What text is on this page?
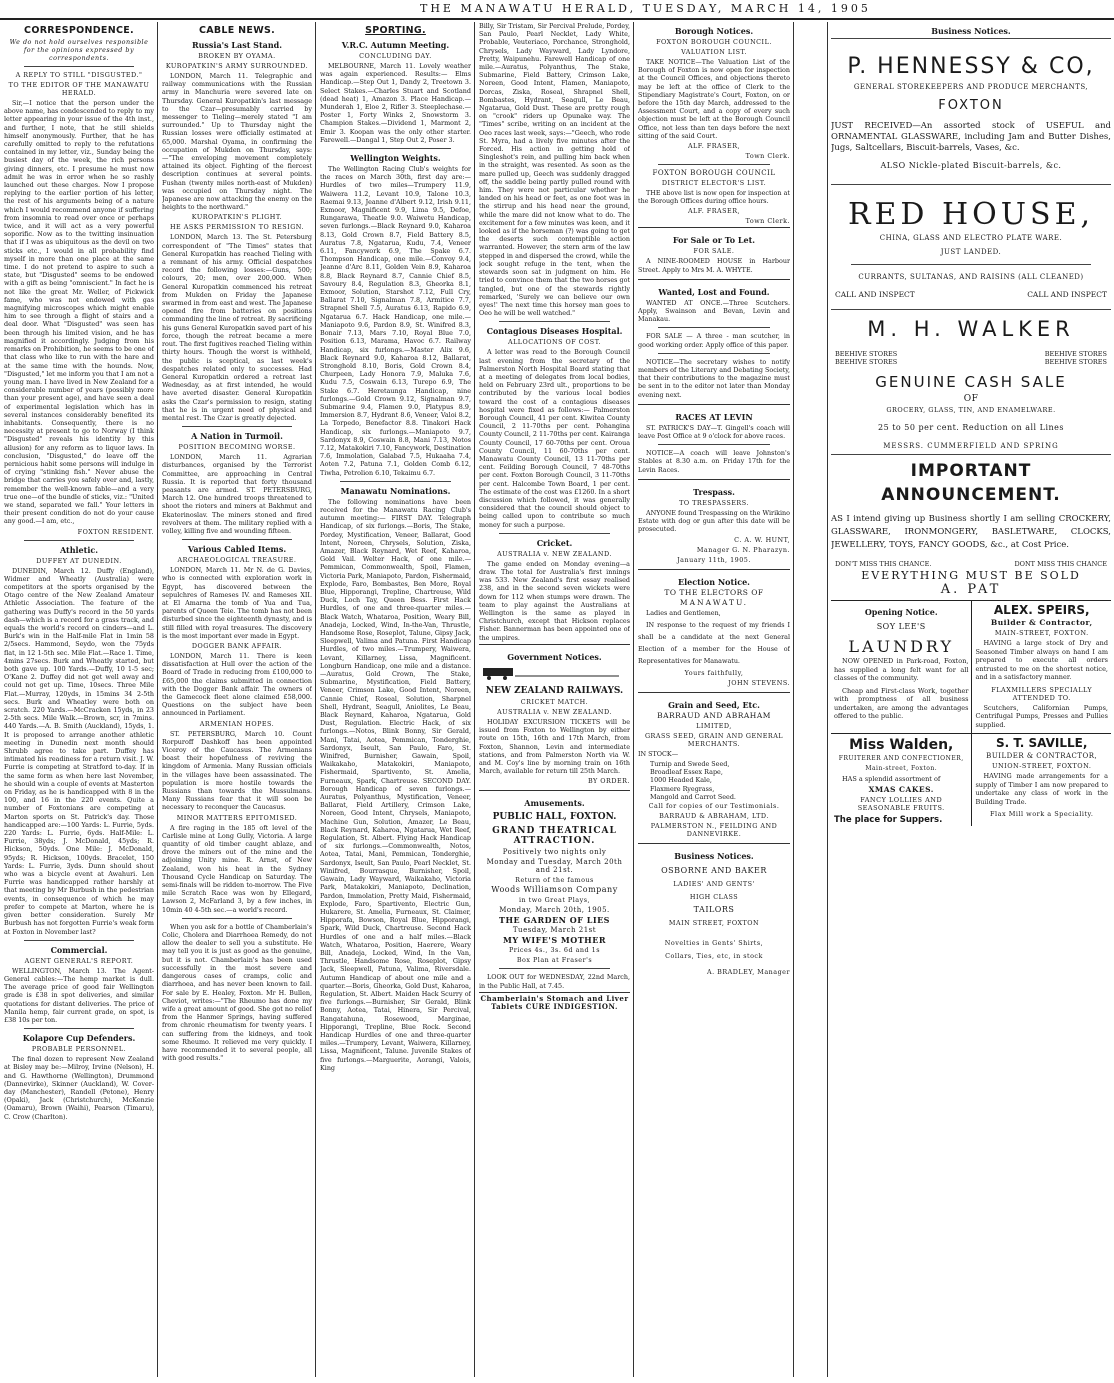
THE MANAWATU HERALD, TUESDAY, MARCH 14, 1905
CORRESPONDENCE.
We do not hold ourselves responsible for the opinions expressed by correspondents.
A REPLY TO STILL "DISGUSTED."
TO THE EDITOR OF THE MANAWATU HERALD.

Sir,—I notice that the person under the above name, has condescended to reply to my letter appearing in your issue of the 4th inst., and further, I note, that he still shields himself anonymously. Further, that he has carefully omitted to reply to the refutations contained in my letter, viz., Sunday being the busiest day of the week, the rich persons giving dinners, etc. I presume he must now admit he was in error when he so rashly launched out these charges. Now I propose replying to the earlier portion of his letter, the rest of his arguments being of a nature which I would recommend anyone if suffering from insomnia to read over once or perhaps twice, and it will act as a very powerful soporific. Now as to the twitting insinuation that if I was as ubiquitous as the devil on two sticks etc., I would in all probability find myself in more than one place at the same time. I do not pretend to aspire to such a state, but "Disgusted" seems to be endowed with a gift as being "omniscient." In fact he is not like the great Mr. Weller, of Pickwick fame, who was not endowed with gas magnifying microscopes which might enable him to see through a flight of stairs and a deal door. What "Disgusted" was seen has been through his limited vision, and he has magnified it accordingly. Judging from his remarks on Prohibition, he seems to be one of that class who like to run with the hare and at the same time with the hounds. Now, "Disgusted," let me inform you that I am not a young man. I have lived in New Zealand for a considerable number of years (possibly more than your present age), and have seen a deal of experimental legislation which has in several instances considerably benefited its inhabitants. Consequently, there is no necessity at present to go to Norway (I think "Disgusted" reveals his identity by this allusion) for any reform as to liquor laws. In conclusion, "Disgusted," do leave off the pernicious habit some persons will indulge in of crying "stinking fish." Never abuse the bridge that carries you safely over and, lastly, remember the well-known fable—and a very true one—of the bundle of sticks, viz.: "United we stand, separated we fall." Your letters in their present condition do not do your cause any good.—I am, etc.,

FOXTON RESIDENT.
Athletic.
DUFFEY AT DUNEDIN.

DUNEDIN, March 12. Duffy (England), Widmer and Wheatly (Australia) were competitors at the sports organised by the Otago centre of the New Zealand Amateur Athletic Association. The feature of the gathering was Duffy's record in the 50 yards dash—which is a record for a grass track, and equals the world's record on cinders—and L. Burk's win in the Half-mile Flat in 1min 58 2/5secs. Hammond, Seydo, won the 75yds flat, in 12 1-5th sec. Mile Flat.—Race 1. Time, 4mins 27secs. Burk and Wheatly started, but both gave up. 100 Yards.—Duffy, 10 1-5 sec; O'Kane 2. Duffey did not get well away and could not get up. Time, 10secs. Three Mile Flat.—Murray, 120yds, in 15mins 34 2-5th secs. Burk and Wheatley were both on scratch. 220 Yards.—McCracken 15yds, in 23 2-5th secs. Mile Walk.—Brown, scr, in 7mins. 440 Yards.—A. B. Smith (Auckland), 15yds, 1. It is proposed to arrange another athletic meeting in Dunedin next month should Shrubb agree to take part. Duffey has intimated his readiness for a return visit. J. W. Furrie is competing at Stratford to-day. If in the same form as when here last November, he should win a couple of events at Masterton on Friday, as he is handicapped with 8 in the 100, and 16 in the 220 events. Quite a number of Foxtonians are competing at Marton sports on St. Patrick's day. Those handicapped are:—100 Yards: L. Furrie, 5yds. 220 Yards: L. Furrie, 6yds. Half-Mile: L. Furrie, 38yds; J. McDonald, 45yds; R. Hickson, 50yds. One Mile: J. McDonald, 95yds; R. Hickson, 100yds. Bracelet, 150 Yards: L. Furrie, 3yds. Dunn should shout who was a bicycle event at Awahuri. Len Furrie was handicapped rather harshly at that meeting by Mr Burbush in the pedestrian events, in consequence of which he may prefer to compete at Marton, where he is given better consideration. Surely Mr Burbush has not forgotten Furrie's weak form at Foxton in November last?

Commercial.
AGENT GENERAL'S REPORT.

WELLINGTON, March 13. The Agent-General cables:—The hemp market is dull. The average price of good fair Wellington grade is £38 in spot deliveries, and similar quotations for distant deliveries. The price of Manila hemp, fair current grade, on spot, is £38 10s per ton.

Kolapore Cup Defenders.
PROBABLE PERSONNEL.

The final dozen to represent New Zealand at Bisley may be:—Milroy, Irvine (Nelson), H. and G. Hawthorne (Wellington), Drummond (Dannevirke), Skinner (Auckland), W. Cover-day (Manchester), Randell (Petone), Henry (Opaki), Jack (Christchurch), McKenzie (Oamaru), Brown (Waihi), Pearson (Timaru), C. Crow (Charlton).

CABLE NEWS.
Russia's Last Stand.
BROKEN BY OYAMA.
KUROPATKIN'S ARMY SURROUNDED.

LONDON, March 11. Telegraphic and railway communications with the Russian army in Manchuria were severed late on Thursday. General Kuropatkin's last message to the Czar—presumably carried by messenger to Tieling—merely stated "I am surrounded." Up to Thursday night the Russian losses were officially estimated at 65,000. Marshal Oyama, in confirming the occupation of Mukden on Thursday, says:—"The enveloping movement completely attained its object. Fighting of the fiercest description continues at several points. Fushan (twenty miles north-east of Mukden) was occupied on Thursday night. The Japanese are now attacking the enemy on the heights to the northward."

KUROPATKIN'S PLIGHT.
HE ASKS PERMISSION TO RESIGN.

LONDON, March 13. The St. Petersburg correspondent of "The Times" states that General Kuropatkin has reached Tieling with a remnant of his army. Official despatches record the following losses:—Guns, 500; colours, 20; men, over 200,000. When General Kuropatkin commenced his retreat from Mukden on Friday the Japanese swarmed in from east and west. The Japanese opened fire from batteries on positions commanding the line of retreat. By sacrificing his guns General Kuropatkin saved part of his force, though the retreat became a mere rout. The first fugitives reached Tieling within thirty hours. Though the worst is withheld, the public is sceptical, as last week's despatches related only to successes. Had General Kuropatkin ordered a retreat last Wednesday, as at first intended, he would have averted disaster. General Kuropatkin asks the Czar's permission to resign, stating that he is in urgent need of physical and mental rest. The Czar is greatly dejected.

A Nation in Turmoil.
POSITION BECOMING WORSE.

LONDON, March 11. Agrarian disturbances, organised by the Terrorist Committee, are approaching in Central Russia. It is reported that forty thousand peasants are armed. ST. PETERSBURG, March 12. One hundred troops threatened to shoot the rioters and miners at Bakhmut and Ekaterinoslav. The miners stoned and fired revolvers at them. The military replied with a volley, killing five and wounding fifteen.

Various Cabled Items.
ARCHAEOLOGICAL TREASURE.

LONDON, March 11. Mr N. de G. Davies, who is connected with exploration work in Egypt, has discovered between the sepulchres of Rameses IV. and Rameses XII. at El Amarna the tomb of Yua and Tua, parents of Queen Teie. The tomb has not been disturbed since the eighteenth dynasty, and is still filled with royal treasures. The discovery is the most important ever made in Egypt.

DOGGER BANK AFFAIR.

LONDON, March 11. There is keen dissatisfaction at Hull over the action of the Board of Trade in reducing from £100,000 to £65,000 the claims submitted in connection with the Dogger Bank affair. The owners of the Gamecock fleet alone claimed £58,000. Questions on the subject have been announced in Parliament.

ARMENIAN HOPES.

ST. PETERSBURG, March 10. Count Rorpuroff Dashkoff has been appointed Viceroy of the Caucasus. The Armenians boast their hopefulness of reviving the kingdom of Armenia. Many Russian officials in the villages have been assassinated. The population is more hostile towards the Russians than towards the Mussulmans. Many Russians fear that it will soon be necessary to reconquer the Caucasus.

MINOR MATTERS EPITOMISED.

A fire raging in the 185 oft level of the Carlisle mine at Long Gully, Victoria. A large quantity of old timber caught ablaze, and drove the miners out of the mine and the adjoining Unity mine. R. Arnst, of New Zealand, won his heat in the Sydney Thousand Cycle Handicap on Saturday. The semi-finals will be ridden to-morrow. The Five mile Scratch Race was won by Ellegard, Lawson 2, McFarland 3, by a few inches, in 10min 40 4-5th sec.—a world's record.

When you ask for a bottle of Chamberlain's Colic, Cholera and Diarrhoea Remedy, do not allow the dealer to sell you a substitute. He may tell you it is just as good as the genuine, but it is not. Chamberlain's has been used successfully in the most severe and dangerous cases of cramps, colic and diarrhoea, and has never been known to fail. For sale by E. Healey, Foxton. Mr H. Bullen, Cheviot, writes:—"The Rheumo has done my wife a great amount of good. She got no relief from the Hanmer Springs, having suffered from chronic rheumatism for twenty years. I can suffering from the kidneys, and took some Rheumo. It relieved me very quickly. I have recommended it to several people, all with good results."

SPORTING.
V.R.C. Autumn Meeting.
CONCLUDING DAY.

MELBOURNE, March 11. Lovely weather was again experienced. Results:— Elms Handicap.—Step Out 1, Dandy 2, Treetown 3. Select Stakes.—Charles Stuart and Scotland (dead heat) 1, Amazon 3. Place Handicap.—Munderah 1, Eloe 2, Rifler 3. Steeplechase.—Poster 1, Forty Winks 2, Snowstorm 3. Champion Stakes.—Dividend 1, Marmont 2, Emir 3. Koopan was the only other starter. Farewell.—Dangal 1, Step Out 2, Poser 3.

Wellington Weights.

The Wellington Racing Club's weights for the races on March 30th, first day are:— Hurdles of two miles—Trumpery 11.9, Waiwera 11.2, Levant 10.9, Talone 10.3, Raemai 9.13, Jeanne d'Albert 9.12, Irish 9.11, Exmoor, Magnificent 9.9, Lima 9.5, Defoe, Rungarawa, Theatle 9.0. Waiwetu Handicap, seven furlongs.—Black Reynard 9.0, Kaharoa 8.13, Gold Crown 8.7, Field Battery 8.5, Auratus 7.8, Ngatarua, Kudu, 7.4, Veneer 6.11, Fancywork 6.9, The Spake 6.7. Thompson Handicap, one mile.—Convoy 9.4, Jeanne d'Arc 8.11, Golden Vein 8.9, Kaharoa 8.8, Black Reynard 8.7, Cannie Chief 8.5, Savoury 8.4, Regulation 8.3, Gheorka 8.1, Exmoor, Solution, Starshot 7.12, Full Cry, Ballarat 7.10, Signalman 7.8, Armitice 7.7, Strapnel Shell 7.5, Auratus 6.13, Rapido 6.9, Ngatarua 6.7. Hack Handicap, one mile.—Maniapoto 9.6, Pardon 8.9, St. Winifred 8.3, Bonair 7.13, Mars 7.10, Royal Blue 7.0, Position 6.13, Marama, Havoc 6.7. Railway Handicap, six furlongs.—Master Alix 9.6, Black Reynard 9.0, Kaharoa 8.12, Ballarat, Stronghold 8.10, Boris, Gold Crown 8.4, Churpeen, Lady Honora 7.9, Maluka 7.6, Kudu 7.5, Coswain 6.13, Turepo 6.9, The Stake 6.7. Heretaunga Handicap, nine furlongs.—Gold Crown 9.12, Signalman 9.7, Submarine 9.4, Flamen 9.0, Platypus 8.9, Immersion 8.7, Hydrant 8.6, Veneer, Valoi 8.2, La Torpedo, Benefactor 8.8. Tinakori Hack Handicap, six furlongs.—Maniapoto 9.7, Sardonyx 8.9, Coswain 8.8, Mani 7.13, Notos 7.12, Matakokiri 7.10, Fancywork, Destination 7.6, Immolation, Galabad 7.5, Hukaaha 7.4, Aoten 7.2, Patuna 7.1, Golden Comb 6.12, Tiwha, Petrolion 6.10, Tekaimu 6.7.

Manawatu Nominations.

The following nominations have been received for the Manawatu Racing Club's autumn meeting:— FIRST DAY. Telegraph Handicap, of six furlongs.—Boris, The Stake, Pordey, Mystification, Veneer, Ballarat, Good Intent, Noreen, Chrysels, Solution, Ziska, Amazer, Black Reynard, Wet Reef, Kaharoa, Gold Vail. Welter Hack, of one mile.—Pemmican, Commonwealth, Spoil, Flamen, Victoria Park, Maniapoto, Pardon, Fishermaid, Explode, Faro, Bombastes, Ben More, Royal Blue, Hipporangi, Trepline, Chartreuse, Wild Duck, Loch Tay, Queen Bess. First Hack Hurdles, of one and three-quarter miles.—Black Watch, Whataroa, Position, Weary Bill, Anadeja, Locked, Wind, In-the-Van, Thrustle, Handsome Rose, Roseplot, Talune, Gipsy Jack, Sleepwell, Valima and Patuna. First Handicap Hurdles, of two miles.—Trumpery, Waiwera, Levant, Killarney, Lissa, Magnificent. Longburn Handicap, one mile and a distance.—Auratus, Gold Crown, The Stake, Submarine, Mystification, Field Battery, Veneer, Crimson Lake, Good Intent, Noreen, Cannie Chief, Roseal, Solution, Sharpnel Shell, Hydrant, Seagull, Aniolites, Le Beau, Black Reynard, Kaharoa, Ngatarua, Gold Dust, Regulation. Electric Hack, of six furlongs.—Notos, Blink Bonny, Sir Gerald, Mani, Tatai, Aotea, Pemmican, Tonderghie, Sardonyx, Iseult, San Paulo, Faro, St. Winifred, Burnisher, Gawain, Spoil, Waikakaho, Matakokiri, Maniapoto, Fishermaid, Spartivento, St. Amelia, Furneaux, Spark, Chartreuse. SECOND DAY. Borough Handicap of seven furlongs.—Auratus, Polyanthus, Mystification, Veneer, Ballarat, Field Artillery, Crimson Lake, Noreen, Good Intent, Chrysels, Maniapoto, Machine Gun, Solution, Amazer, Le Beau, Black Reynard, Kaharoa, Ngatarua, Wet Reef, Regulation, St. Albert. Flying Hack Handicap of six furlongs.—Commonwealth, Notos, Aotea, Tatai, Mani, Pemmican, Tonderghie, Sardonyx, Iseult, San Paulo, Pearl Necklet, St. Winifred, Bourrasque, Burnisher, Spoil, Gawain, Lady Wayward, Waikakaho, Victoria Park, Matakokiri, Maniapoto, Declination, Pardon, Immolation, Pretty Maid, Fishermaid, Explode, Faro, Spartivento, Electric Gun, Hukarere, St. Amelia, Furneaux, St. Claimer, Hipporafa, Bowson, Royal Blue, Hipporangi, Spark, Wild Duck, Chartreuse. Second Hack Hurdles of one and a half miles.—Black Watch, Whataroa, Position, Haerere, Weary Bill, Anadeja, Locked, Wind, In the Van, Thrustle, Handsome Rose, Roseplot, Gipsy Jack, Sleepwell, Patuna, Valima, Riversdale. Autumn Handicap of about one mile and a quarter.—Boris, Gheorka, Gold Dust, Kaharoa, Regulation, St. Albert. Maiden Hack Scurry of five furlongs.—Burnisher, Sir Gerald, Blink Bonny, Aotea, Tatai, Hinera, Sir Percival, Rangatahuna, Rosewood, Marginae, Hipporangi, Trepline, Blue Rock. Second Handicap Hurdles of one and three-quarter miles.—Trumpery, Levant, Waiwera, Killarney, Lissa, Magnificent, Talune. Juvenile Stakes of five furlongs.—Marguerite, Aorangi, Valois, King

Billy, Sir Tristam, Sir Percival Prelude, Pordey, San Paulo, Pearl Necklet, Lady White, Probable, Veuteriaco, Porchance, Stronghold, Chrysels, Lady Wayward, Lady Lyndore, Pretty, Waipunehu. Farewell Handicap of one mile.—Auratus, Polyanthus, The Stake, Submarine, Field Battery, Crimson Lake, Noreen, Good Intent, Flamen, Maniapoto, Dorcas, Ziska, Roseal, Shrapnel Shell, Bombastes, Hydrant, Seagull, Le Beau, Ngatarua, Gold Dust. These are pretty rough on "crook" riders up Opunake way. The "Times" scribe, writing on an incident at the Oeo races last week, says:—"Geech, who rode St. Myra, had a lively five minutes after the Forced. His action in getting hold of Singleshot's rein, and pulling him back when in the straight, was resented. As soon as the mare pulled up, Geech was suddenly dragged off, the saddle being partly pulled round with him. They were not particular whether he landed on his head or feet, as one foot was in the stirrup and his head near the ground, while the mare did not know what to do. The excitement for a few minutes was keen, and it looked as if the horseman (?) was going to get the deserts such contemptible action warranted. However, the stern arm of the law stepped in and dispersed the crowd, while the jock sought refuge in the tent, when the stewards soon sat in judgment on him. He tried to convince them that the two horses got tangled, but one of the stewards rightly remarked, 'Surely we can believe our own eyes!' The next time this horsey man goes to Oeo he will be well watched."

Contagious Diseases Hospital.
ALLOCATIONS OF COST.

A letter was read to the Borough Council last evening from the secretary of the Palmerston North Hospital Board stating that at a meeting of delegates from local bodies, held on February 23rd ult., proportions to be contributed by the various local bodies toward the cost of a contagious diseases hospital were fixed as follows:— Palmerston Borough Council, 41 per cent. Kiwitea County Council, 2 11-70ths per cent. Pohangina County Council, 2 11-70ths per cent. Kairanga County Council, 17 60-70ths per cent. Oroua County Council, 11 60-70ths per cent. Manawatu County Council, 13 11-70ths per cent. Feilding Borough Council, 7 48-70ths per cent. Foxton Borough Council, 3 11-70ths per cent. Halcombe Town Board, 1 per cent. The estimate of the cost was £1260. In a short discussion which followed, it was generally considered that the council should object to being called upon to contribute so much money for such a purpose.

Cricket.
AUSTRALIA v. NEW ZEALAND.

The game ended on Monday evening—a draw. The total for Australia's first innings was 533. New Zealand's first essay realised 238, and in the second seven wickets were down for 112 when stumps were drawn. The team to play against the Australians at Wellington is the same as played in Christchurch, except that Hickson replaces Fisher. Bannerman has been appointed one of the umpires.

Government Notices.
NEW ZEALAND RAILWAYS.
CRICKET MATCH.
AUSTRALIA v. NEW ZEALAND.

HOLIDAY EXCURSION TICKETS will be issued from Foxton to Wellington by either route on 15th, 16th and 17th March, from Foxton, Shannon, Levin and intermediate stations, and from Palmerston North via W. and M. Coy's line by morning train on 16th March, available for return till 25th March.

BY ORDER.
Amusements.
PUBLIC HALL, FOXTON.
GRAND THEATRICAL ATTRACTION.
Positively two nights only
Monday and Tuesday, March 20th and 21st.
Return of the famous
Woods Williamson Company
in two Great Plays,
Monday, March 20th, 1905.
THE GARDEN OF LIES
Tuesday, March 21st
MY WIFE'S MOTHER
Prices 4s., 3s. 6d and 1s
Box Plan at Fraser's

LOOK OUT for WEDNESDAY, 22nd March, in the Public Hall, at 7.45.

Chamberlain's Stomach and Liver Tablets CURE INDIGESTION.
Borough Notices.
FOXTON BOROUGH COUNCIL.
VALUATION LIST.

TAKE NOTICE—The Valuation List of the Borough of Foxton is now open for inspection at the Council Offices, and objections thereto may be left at the office of Clerk to the Stipendiary Magistrate's Court, Foxton, on or before the 15th day March, addressed to the Assessment Court, and a copy of every such objection must be left at the Borough Council Office, not less than ten days before the next sitting of the said Court.

ALF. FRASER,
Town Clerk.
FOXTON BOROUGH COUNCIL
DISTRICT ELECTOR'S LIST.

THE above list is now open for inspection at the Borough Offices during office hours.

ALF. FRASER,
Town Clerk.
For Sale or To Let.
FOR SALE.

A NINE-ROOMED HOUSE in Harbour Street. Apply to Mrs M. A. WHYTE.

Wanted, Lost and Found.

WANTED AT ONCE.—Three Scutchers. Apply, Swainson and Bevan, Levin and Manakau.

FOR SALE — A three - man scutcher, in good working order. Apply office of this paper.

NOTICE—The secretary wishes to notify members of the Literary and Debating Society, that their contributions to the magazine must be sent in to the editor not later than Monday evening next.

RACES AT LEVIN

ST. PATRICK'S DAY—T. Gingell's coach will leave Post Office at 9 o'clock for above races.

NOTICE—A coach will leave Johnston's Stables at 8.30 a.m. on Friday 17th for the Levin Races.

Trespass.
TO TRESPASSERS.

ANYONE found Trespassing on the Wirikino Estate with dog or gun after this date will be prosecuted.

C. A. W. HUNT,
Manager G. N. Pharazyn.
January 11th, 1905.
Election Notice.
TO THE ELECTORS OF
MANAWATU.

Ladies and Gentlemen,

IN response to the request of my friends I shall be a candidate at the next General Election of a member for the House of Representatives for Manawatu.

Yours faithfully,
JOHN STEVENS.
Grain and Seed, Etc.
BARRAUD AND ABRAHAM
LIMITED,
GRASS SEED, GRAIN AND GENERAL MERCHANTS.

IN STOCK—

Turnip and Swede Seed,
Broadleaf Essex Rape,
1000 Headed Kale,
Flaxmere Ryegrass,
Mangold and Carrot Seed.
Call for copies of our Testimonials.
BARRAUD & ABRAHAM, LTD.
PALMERSTON N., FEILDING AND DANNEVIRKE.
Business Notices.
OSBORNE AND BAKER
LADIES' AND GENTS'
HIGH CLASS
TAILORS
MAIN STREET, FOXTON
Novelties in Gents' Shirts,
Collars, Ties, etc, in stock
A. BRADLEY, Manager
Business Notices.
P. HENNESSY & CO,
GENERAL STOREKEEPERS AND PRODUCE MERCHANTS,
FOXTON

JUST RECEIVED—An assorted stock of USEFUL and ORNAMENTAL GLASSWARE, including Jam and Butter Dishes, Jugs, Saltcellars, Biscuit-barrels, Vases, &c.

ALSO Nickle-plated Biscuit-barrels, &c.
RED HOUSE,
CHINA, GLASS AND ELECTRO PLATE WARE.
JUST LANDED.
CURRANTS, SULTANAS, AND RAISINS (ALL CLEANED)
CALL AND INSPECT	CALL AND INSPECT
M. H. WALKER
BEEHIVE STORES
BEEHIVE STORES
BEEHIVE STORES
BEEHIVE STORES
GENUINE CASH SALE
OF
GROCERY, GLASS, TIN, AND ENAMELWARE.
25 to 50 per cent. Reduction on all Lines
MESSRS. CUMMERFIELD AND SPRING
IMPORTANT ANNOUNCEMENT.

AS I intend giving up Business shortly I am selling CROCKERY, GLASSWARE, IRONMONGERY, BASLETWARE, CLOCKS, JEWELLERY, TOYS, FANCY GOODS, &c., at Cost Price.

DON'T MISS THIS CHANCE.	DONT MISS THIS CHANCE
EVERYTHING MUST BE SOLD
A. PAT
Opening Notice.
SOY LEE'S
LAUNDRY

NOW OPENED in Park-road, Foxton, has supplied a long felt want for all classes of the community.

Cheap and First-class Work, together with promptness of all business undertaken, are among the advantages offered to the public.

ALEX. SPEIRS,
Builder & Contractor,
MAIN-STREET, FOXTON.

HAVING a large stock of Dry and Seasoned Timber always on hand I am prepared to execute all orders entrusted to me on the shortest notice, and in a satisfactory manner.

FLAXMILLERS SPECIALLY ATTENDED TO.

Scutchers, Californian Pumps, Centrifugal Pumps, Presses and Pullies supplied.

Miss Walden,
FRUITERER AND CONFECTIONER,
Main-street, Foxton.

HAS a splendid assortment of

XMAS CAKES.
FANCY LOLLIES AND SEASONABLE FRUITS.
The place for Suppers.
S. T. SAVILLE,
BUILDER & CONTRACTOR,
UNION-STREET, FOXTON.

HAVING made arrangements for a supply of Timber I am now prepared to undertake any class of work in the Building Trade.

Flax Mill work a Speciality.
